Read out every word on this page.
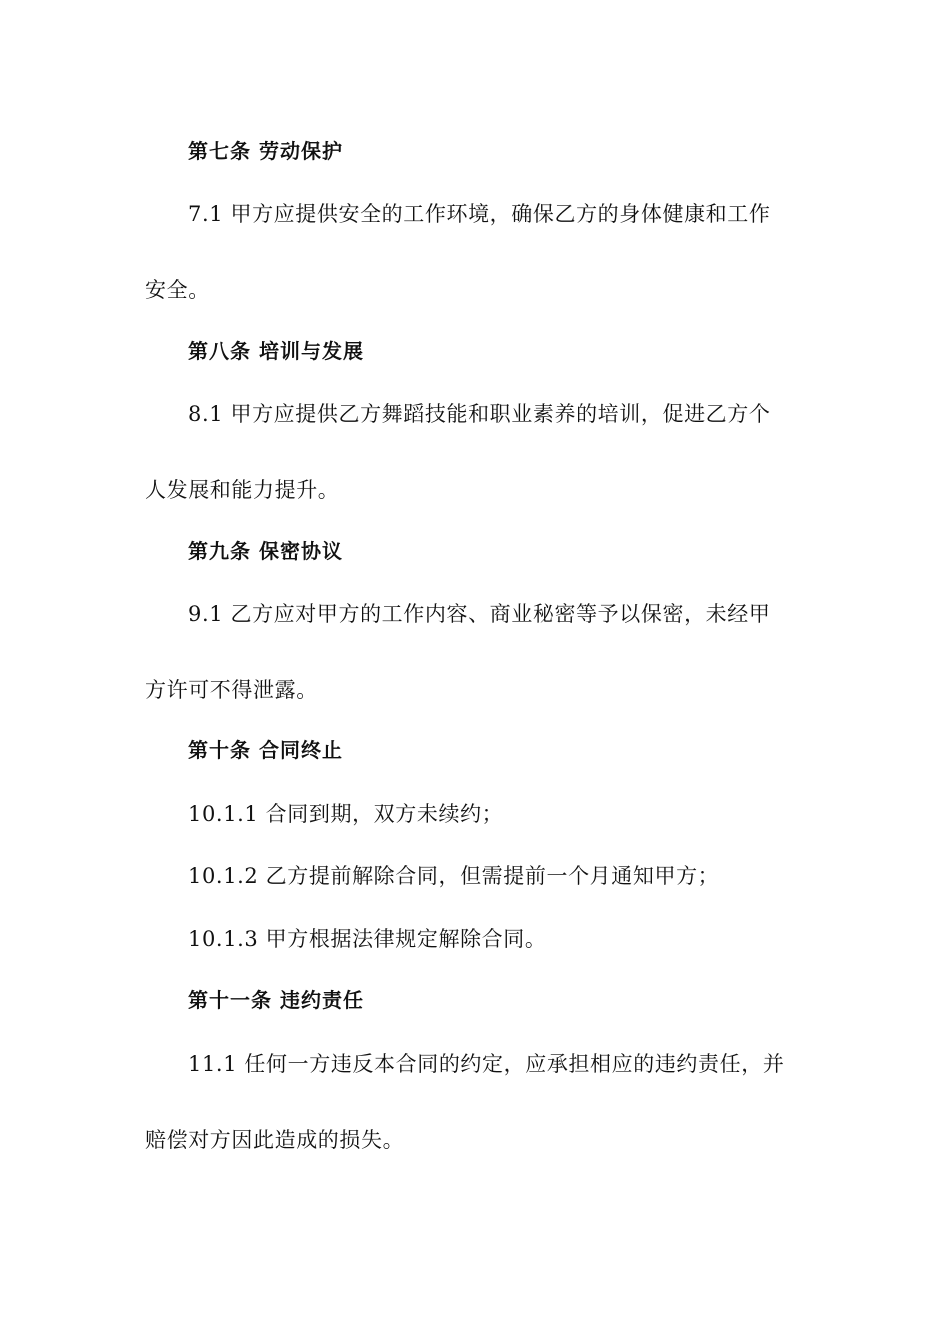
第七条 劳动保护
7.1 甲方应提供安全的工作环境，确保乙方的身体健康和工作
安全。
第八条 培训与发展
8.1 甲方应提供乙方舞蹈技能和职业素养的培训，促进乙方个
人发展和能力提升。
第九条 保密协议
9.1 乙方应对甲方的工作内容、商业秘密等予以保密，未经甲
方许可不得泄露。
第十条 合同终止
10.1.1 合同到期，双方未续约；
10.1.2 乙方提前解除合同，但需提前一个月通知甲方；
10.1.3 甲方根据法律规定解除合同。
第十一条 违约责任
11.1 任何一方违反本合同的约定，应承担相应的违约责任，并
赔偿对方因此造成的损失。
